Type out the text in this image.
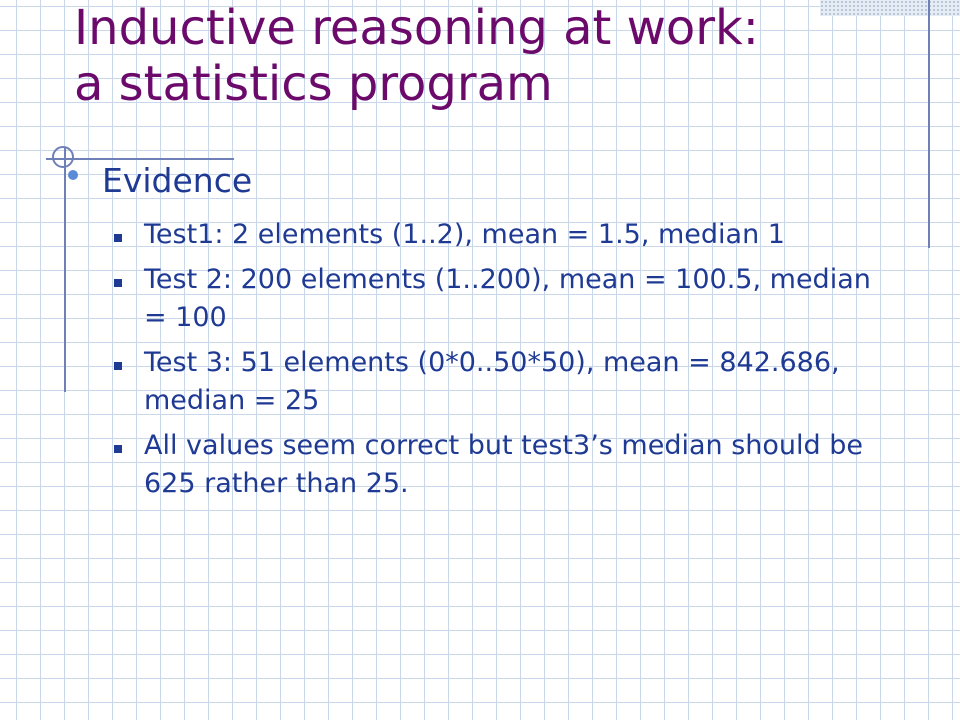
Inductive reasoning at work:
a statistics program

Evidence

Test1: 2 elements (1..2), mean = 1.5, median 1
Test 2: 200 elements (1..200), mean = 100.5, median = 100
Test 3: 51 elements (0*0..50*50), mean = 842.686, median = 25
All values seem correct but test3’s median should be 625 rather than 25.
